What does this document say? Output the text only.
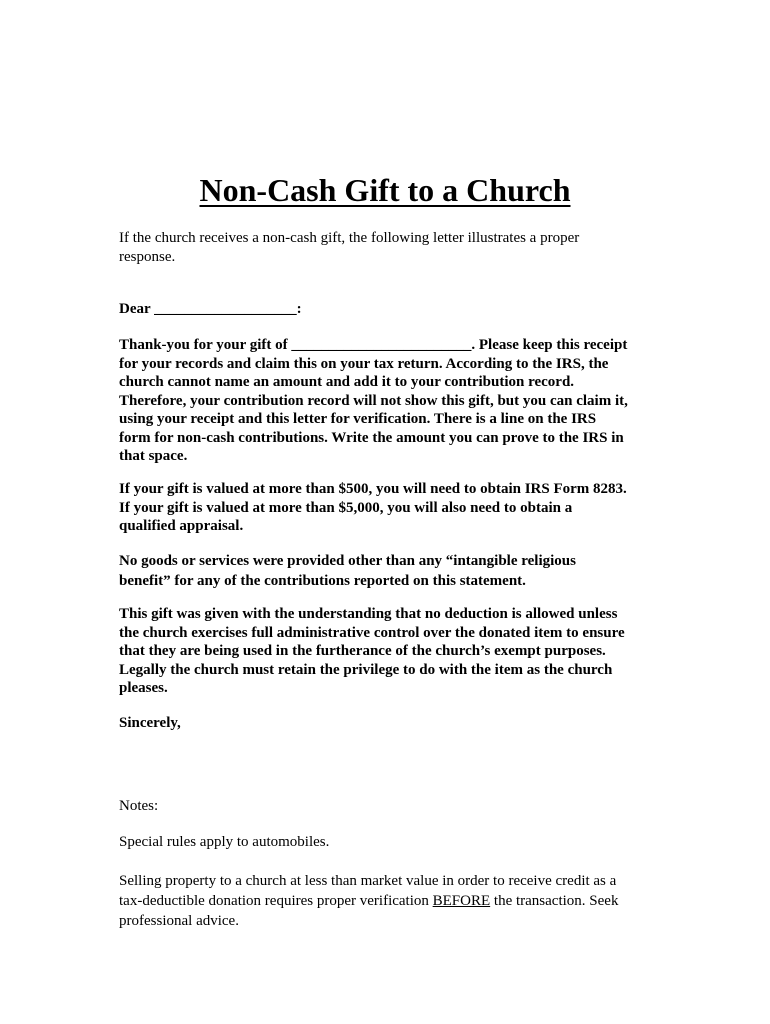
Non-Cash Gift to a Church

If the church receives a non-cash gift, the following letter illustrates a proper response.

Dear ___________________:

Thank-you for your gift of ________________________. Please keep this receipt for your records and claim this on your tax return. According to the IRS, the church cannot name an amount and add it to your contribution record. Therefore, your contribution record will not show this gift, but you can claim it, using your receipt and this letter for verification. There is a line on the IRS form for non-cash contributions. Write the amount you can prove to the IRS in that space.

If your gift is valued at more than $500, you will need to obtain IRS Form 8283. If your gift is valued at more than $5,000, you will also need to obtain a qualified appraisal.

No goods or services were provided other than any “intangible religious benefit” for any of the contributions reported on this statement.

This gift was given with the understanding that no deduction is allowed unless the church exercises full administrative control over the donated item to ensure that they are being used in the furtherance of the church’s exempt purposes. Legally the church must retain the privilege to do with the item as the church pleases.

Sincerely,

Notes:

Special rules apply to automobiles.

Selling property to a church at less than market value in order to receive credit as a tax-deductible donation requires proper verification BEFORE the transaction. Seek professional advice.
